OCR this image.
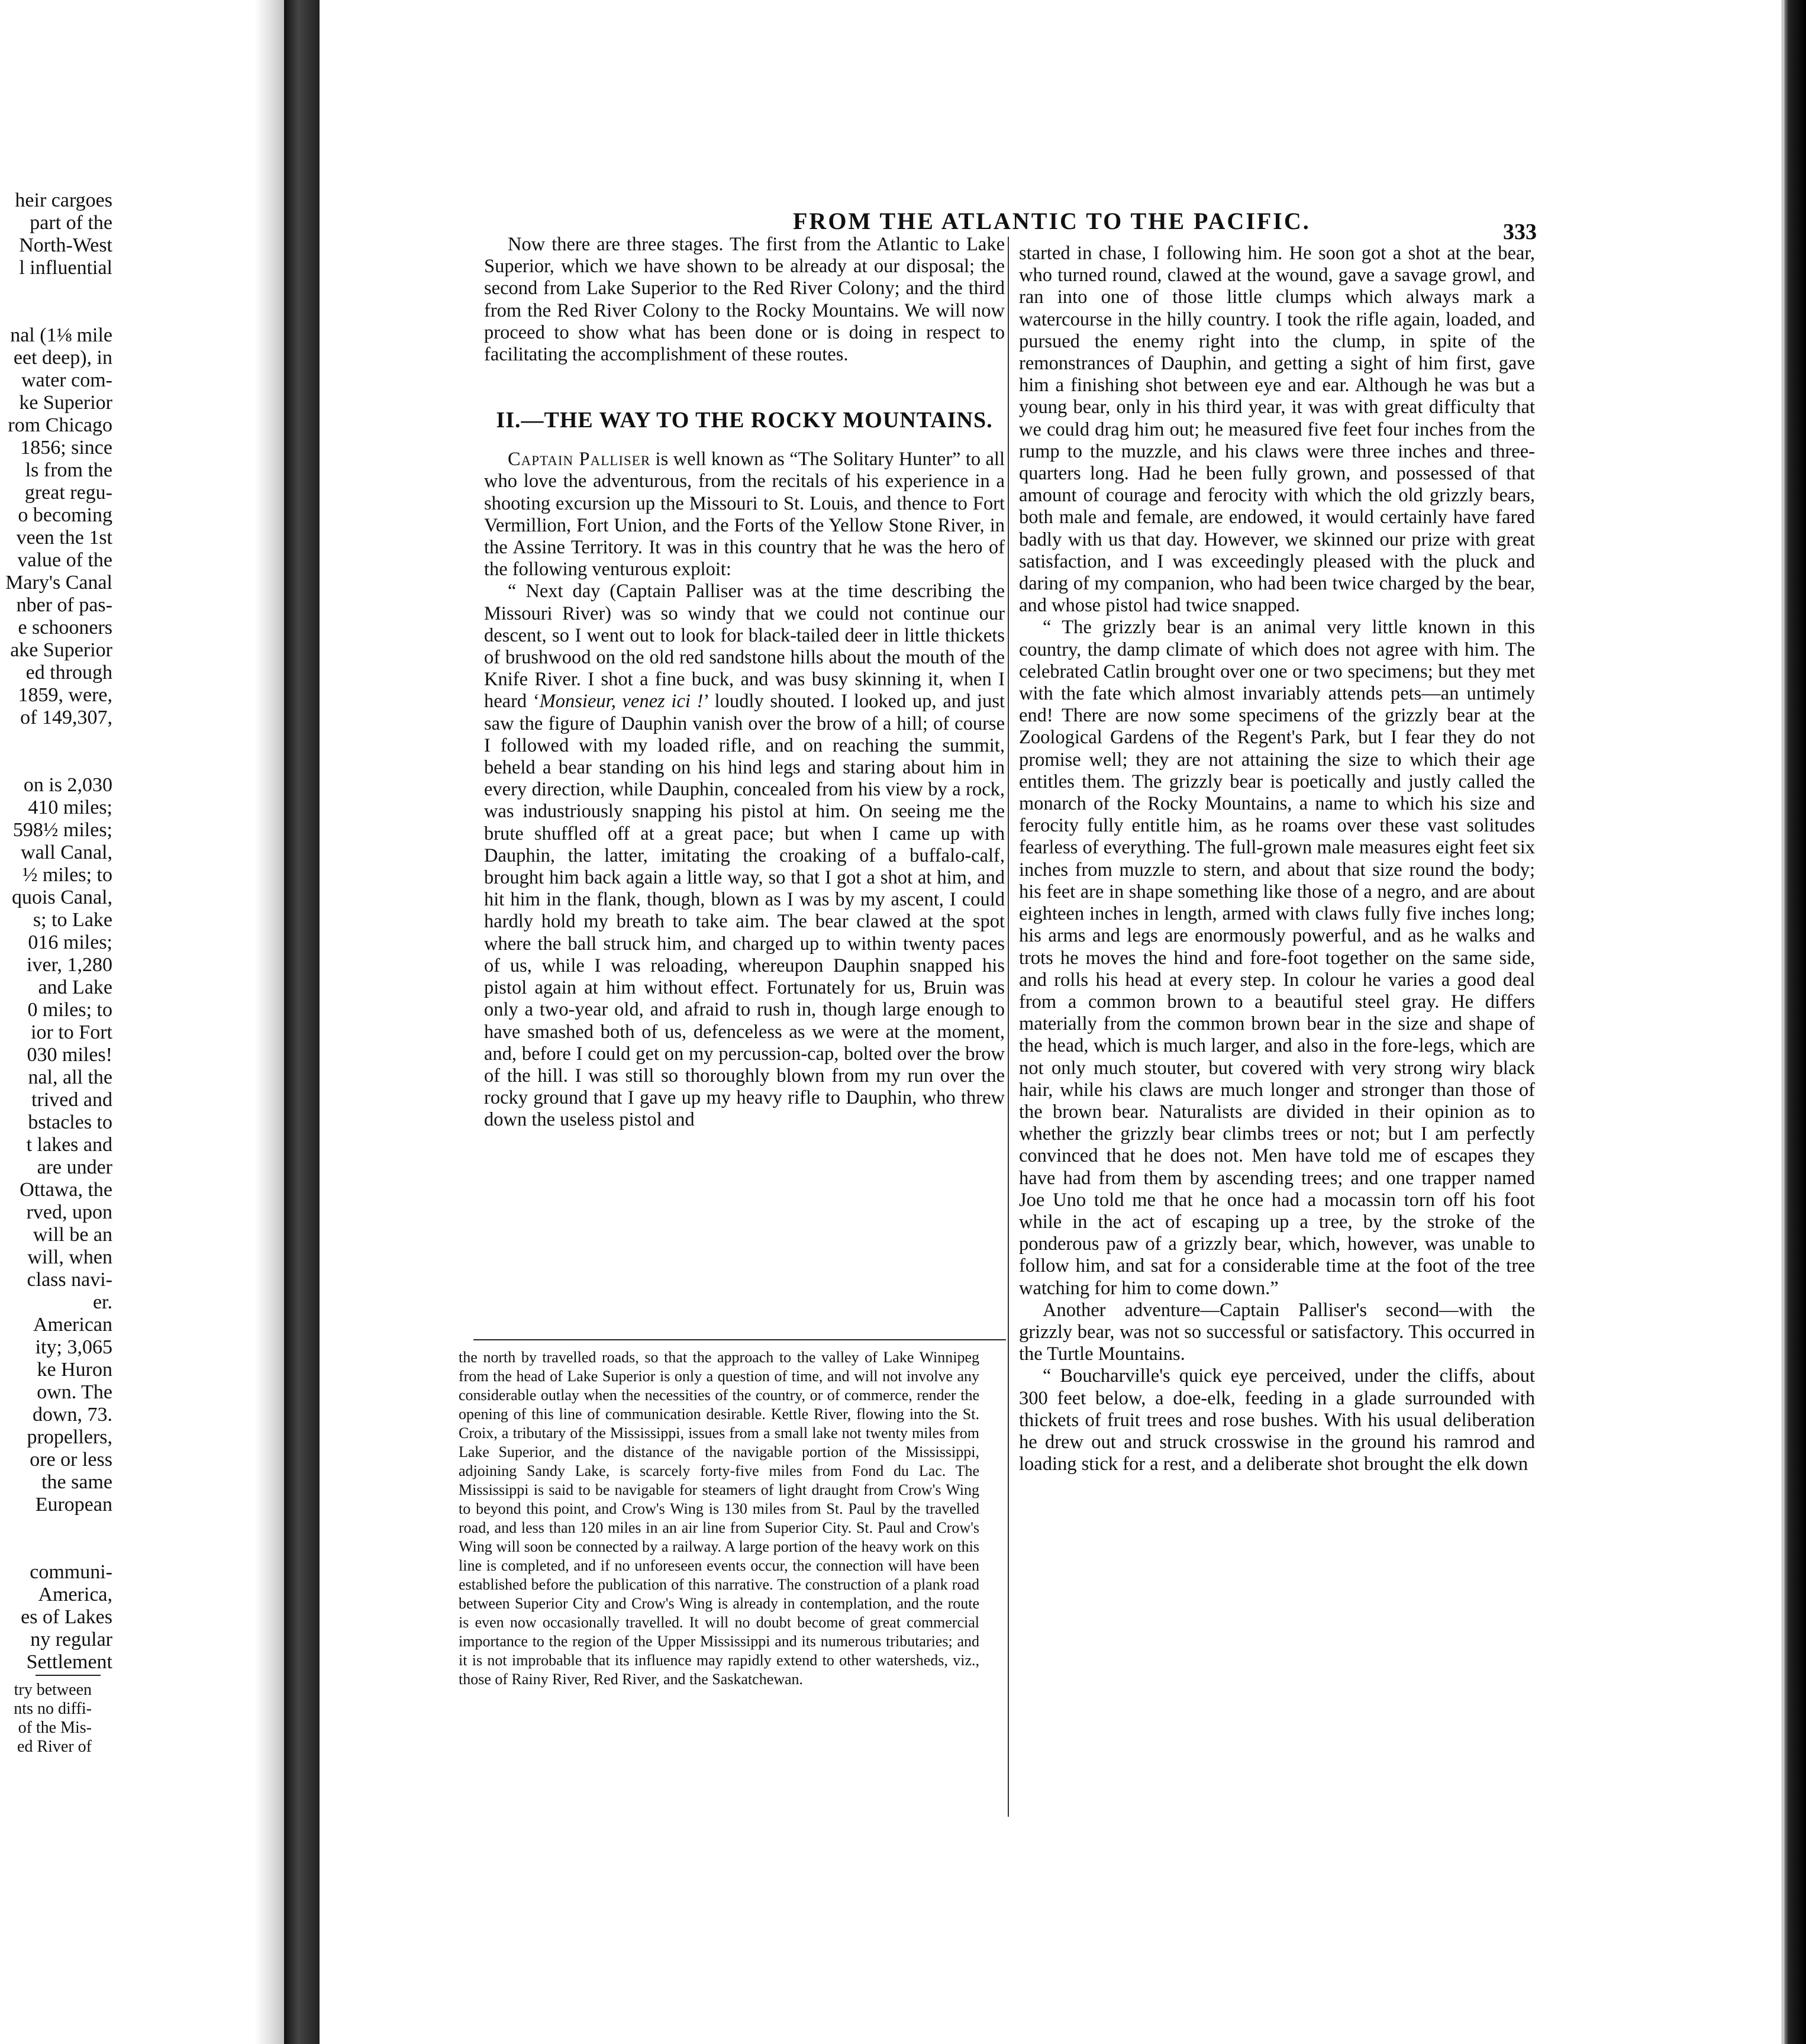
heir cargoes
part of the
North-West
l influential
nal (1⅛ mile
eet deep), in
water com-
ke Superior
rom Chicago
1856; since
ls from the
great regu-
o becoming
veen the 1st
value of the
Mary's Canal
nber of pas-
e schooners
ake Superior
ed through
1859, were,
of 149,307,
on is 2,030
410 miles;
598½ miles;
wall Canal,
½ miles; to
quois Canal,
s; to Lake
016 miles;
iver, 1,280
and Lake
0 miles; to
ior to Fort
030 miles!
nal, all the
trived and
bstacles to
t lakes and
are under
Ottawa, the
rved, upon
will be an
will, when
class navi-
er.
American
ity; 3,065
ke Huron
own. The
down, 73.
propellers,
ore or less
the same
European
communi-
America,
es of Lakes
ny regular
Settlement
try between
nts no diffi-
of the Mis-
ed River of
FROM THE ATLANTIC TO THE PACIFIC.	333

Now there are three stages. The first from the Atlantic to Lake Superior, which we have shown to be already at our disposal; the second from Lake Superior to the Red River Colony; and the third from the Red River Colony to the Rocky Mountains. We will now proceed to show what has been done or is doing in respect to facilitating the accomplishment of these routes.

II.—THE WAY TO THE ROCKY MOUNTAINS.

Captain Palliser is well known as “The Solitary Hunter” to all who love the adventurous, from the recitals of his experience in a shooting excursion up the Missouri to St. Louis, and thence to Fort Vermillion, Fort Union, and the Forts of the Yellow Stone River, in the Assine Territory. It was in this country that he was the hero of the following venturous exploit:

“ Next day (Captain Palliser was at the time describing the Missouri River) was so windy that we could not continue our descent, so I went out to look for black-tailed deer in little thickets of brushwood on the old red sandstone hills about the mouth of the Knife River. I shot a fine buck, and was busy skinning it, when I heard ‘Monsieur, venez ici !’ loudly shouted. I looked up, and just saw the figure of Dauphin vanish over the brow of a hill; of course I followed with my loaded rifle, and on reaching the summit, beheld a bear standing on his hind legs and staring about him in every direction, while Dauphin, concealed from his view by a rock, was industriously snapping his pistol at him. On seeing me the brute shuffled off at a great pace; but when I came up with Dauphin, the latter, imitating the croaking of a buffalo-calf, brought him back again a little way, so that I got a shot at him, and hit him in the flank, though, blown as I was by my ascent, I could hardly hold my breath to take aim. The bear clawed at the spot where the ball struck him, and charged up to within twenty paces of us, while I was reloading, whereupon Dauphin snapped his pistol again at him without effect. Fortunately for us, Bruin was only a two-year old, and afraid to rush in, though large enough to have smashed both of us, defenceless as we were at the moment, and, before I could get on my percussion-cap, bolted over the brow of the hill. I was still so thoroughly blown from my run over the rocky ground that I gave up my heavy rifle to Dauphin, who threw down the useless pistol and

started in chase, I following him. He soon got a shot at the bear, who turned round, clawed at the wound, gave a savage growl, and ran into one of those little clumps which always mark a watercourse in the hilly country. I took the rifle again, loaded, and pursued the enemy right into the clump, in spite of the remonstrances of Dauphin, and getting a sight of him first, gave him a finishing shot between eye and ear. Although he was but a young bear, only in his third year, it was with great difficulty that we could drag him out; he measured five feet four inches from the rump to the muzzle, and his claws were three inches and three-quarters long. Had he been fully grown, and possessed of that amount of courage and ferocity with which the old grizzly bears, both male and female, are endowed, it would certainly have fared badly with us that day. However, we skinned our prize with great satisfaction, and I was exceedingly pleased with the pluck and daring of my companion, who had been twice charged by the bear, and whose pistol had twice snapped.

“ The grizzly bear is an animal very little known in this country, the damp climate of which does not agree with him. The celebrated Catlin brought over one or two specimens; but they met with the fate which almost invariably attends pets—an untimely end! There are now some specimens of the grizzly bear at the Zoological Gardens of the Regent's Park, but I fear they do not promise well; they are not attaining the size to which their age entitles them. The grizzly bear is poetically and justly called the monarch of the Rocky Mountains, a name to which his size and ferocity fully entitle him, as he roams over these vast solitudes fearless of everything. The full-grown male measures eight feet six inches from muzzle to stern, and about that size round the body; his feet are in shape something like those of a negro, and are about eighteen inches in length, armed with claws fully five inches long; his arms and legs are enormously powerful, and as he walks and trots he moves the hind and fore-foot together on the same side, and rolls his head at every step. In colour he varies a good deal from a common brown to a beautiful steel gray. He differs materially from the common brown bear in the size and shape of the head, which is much larger, and also in the fore-legs, which are not only much stouter, but covered with very strong wiry black hair, while his claws are much longer and stronger than those of the brown bear. Naturalists are divided in their opinion as to whether the grizzly bear climbs trees or not; but I am perfectly convinced that he does not. Men have told me of escapes they have had from them by ascending trees; and one trapper named Joe Uno told me that he once had a mocassin torn off his foot while in the act of escaping up a tree, by the stroke of the ponderous paw of a grizzly bear, which, however, was unable to follow him, and sat for a considerable time at the foot of the tree watching for him to come down.”

Another adventure—Captain Palliser's second—with the grizzly bear, was not so successful or satisfactory. This occurred in the Turtle Mountains.

“ Boucharville's quick eye perceived, under the cliffs, about 300 feet below, a doe-elk, feeding in a glade surrounded with thickets of fruit trees and rose bushes. With his usual deliberation he drew out and struck crosswise in the ground his ramrod and loading stick for a rest, and a deliberate shot brought the elk down

the north by travelled roads, so that the approach to the valley of Lake Winnipeg from the head of Lake Superior is only a question of time, and will not involve any considerable outlay when the necessities of the country, or of commerce, render the opening of this line of communication desirable. Kettle River, flowing into the St. Croix, a tributary of the Mississippi, issues from a small lake not twenty miles from Lake Superior, and the distance of the navigable portion of the Mississippi, adjoining Sandy Lake, is scarcely forty-five miles from Fond du Lac. The Mississippi is said to be navigable for steamers of light draught from Crow's Wing to beyond this point, and Crow's Wing is 130 miles from St. Paul by the travelled road, and less than 120 miles in an air line from Superior City. St. Paul and Crow's Wing will soon be connected by a railway. A large portion of the heavy work on this line is completed, and if no unforeseen events occur, the connection will have been established before the publication of this narrative. The construction of a plank road between Superior City and Crow's Wing is already in contemplation, and the route is even now occasionally travelled. It will no doubt become of great commercial importance to the region of the Upper Mississippi and its numerous tributaries; and it is not improbable that its influence may rapidly extend to other watersheds, viz., those of Rainy River, Red River, and the Saskatchewan.
